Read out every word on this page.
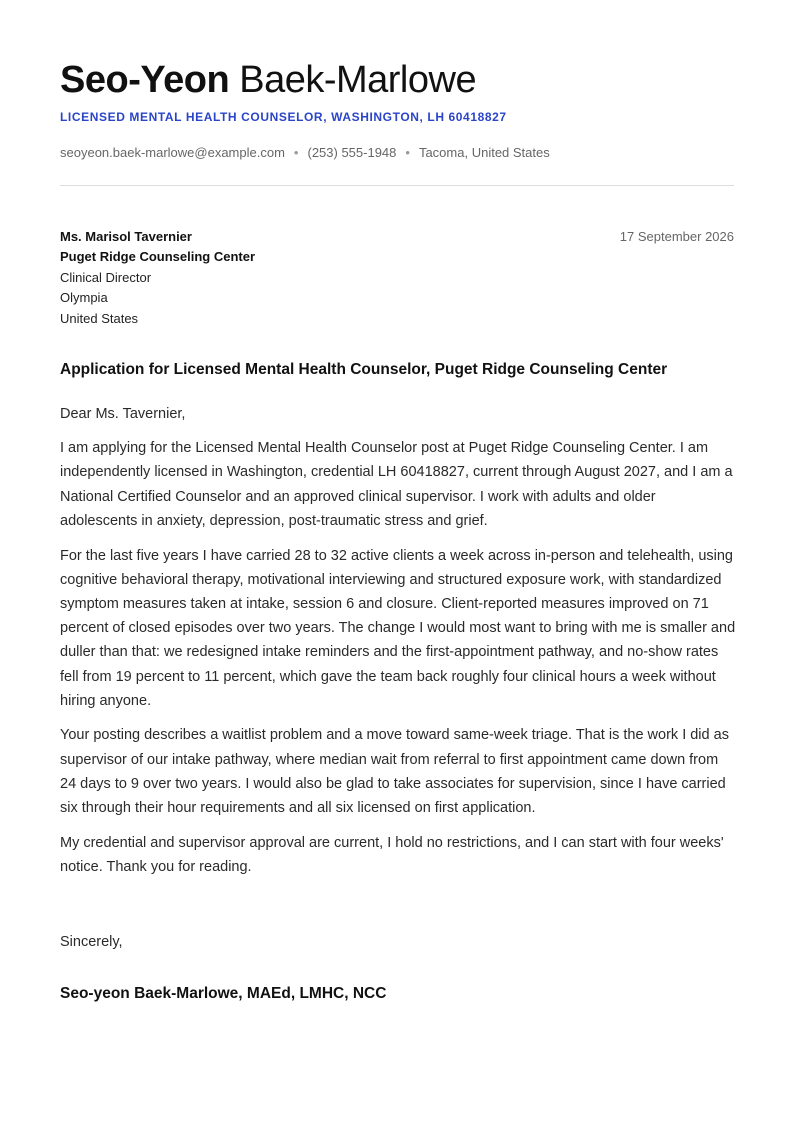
Seo-Yeon Baek-Marlowe
LICENSED MENTAL HEALTH COUNSELOR, WASHINGTON, LH 60418827
seoyeon.baek-marlowe@example.com • (253) 555-1948 • Tacoma, United States
Ms. Marisol Tavernier
Puget Ridge Counseling Center
Clinical Director
Olympia
United States
17 September 2026
Application for Licensed Mental Health Counselor, Puget Ridge Counseling Center

Dear Ms. Tavernier,

I am applying for the Licensed Mental Health Counselor post at Puget Ridge Counseling Center. I am independently licensed in Washington, credential LH 60418827, current through August 2027, and I am a National Certified Counselor and an approved clinical supervisor. I work with adults and older adolescents in anxiety, depression, post-traumatic stress and grief.

For the last five years I have carried 28 to 32 active clients a week across in-person and telehealth, using cognitive behavioral therapy, motivational interviewing and structured exposure work, with standardized symptom measures taken at intake, session 6 and closure. Client-reported measures improved on 71 percent of closed episodes over two years. The change I would most want to bring with me is smaller and duller than that: we redesigned intake reminders and the first-appointment pathway, and no-show rates fell from 19 percent to 11 percent, which gave the team back roughly four clinical hours a week without hiring anyone.

Your posting describes a waitlist problem and a move toward same-week triage. That is the work I did as supervisor of our intake pathway, where median wait from referral to first appointment came down from 24 days to 9 over two years. I would also be glad to take associates for supervision, since I have carried six through their hour requirements and all six licensed on first application.

My credential and supervisor approval are current, I hold no restrictions, and I can start with four weeks' notice. Thank you for reading.

Sincerely,
Seo-yeon Baek-Marlowe, MAEd, LMHC, NCC
